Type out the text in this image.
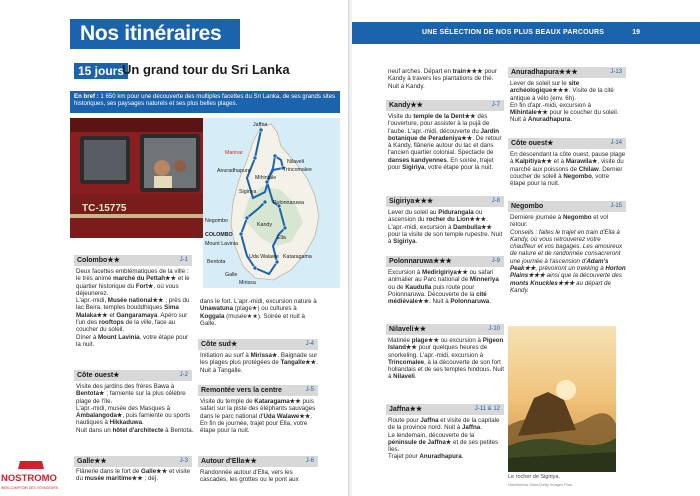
Nos itinéraires
15 jours
Un grand tour du Sri Lanka
En bref : 1 650 km pour une découverte des multiples facettes du Sri Lanka, de ses grands sites historiques, ses paysages naturels et ses plus belles plages.
TC-15775
Jaffna
Mannar
Anuradhapura
Nilaveli
Trincomalee
Mihintale
Sigiriya
Polonnaruwa
Negombo
Kandy
COLOMBO
Mount Lavinia
Ella
Bentota
Uda Walawe Kataragama
Galle
Mirissa
Colombo★★	J-1
Deux facettes emblématiques de la ville : le très animé marché du Pettah★★ et le quartier historique du Fort★, où vous déjeunerez.
L'apr.-midi, Musée national★★ ; près du lac Beira, temples bouddhiques Sima Malaka★★ et Gangaramaya. Apéro sur l'un des rooftops de la ville, face au coucher du soleil.
Dîner à Mount Lavinia, votre étape pour la nuit.
Côte ouest★	J-2
Visite des jardins des frères Bawa à Bentota★ ; farniente sur la plus célèbre plage de l'île.
L'apr.-midi, musée des Masques à Ambalangoda★, puis farniente ou sports nautiques à Hikkaduwa.
Nuit dans un hôtel d'architecte à Bentota.
Galle★★	J-3
Flânerie dans le fort de Galle★★ et visite du musée maritime★★ ; déj.
dans le fort. L'apr.-midi, excursion nature à Unawatuna (plage★) ou cultures à Koggala (musée★★). Soirée et nuit à Galle.
Côte sud★	J-4
Initiation au surf à Mirissa★. Baignade sur les plages plus protégées de Tangalle★★. Nuit à Tangalle.
Remontée vers la centre	J-5
Visite du temple de Kataragama★★ puis safari sur la piste des éléphants sauvages dans le parc national d'Uda Walawe★★. En fin de journée, trajet pour Ella, votre étape pour la nuit.
Autour d'Ella★★	J-6
Randonnée autour d'Ella, vers les cascades, les grottes ou le pont aux
NOSTROMO
WEB COMPTOIR DES VOYAGEURS
UNE SÉLECTION DE NOS PLUS BEAUX PARCOURS	19
neuf arches. Départ en train★★★ pour Kandy à travers les plantations de thé. Nuit à Kandy.
Kandy★★	J-7
Visite du temple de la Dent★★ dès l'ouverture, pour assister à la pujā de l'aube. L'apr.-midi, découverte du Jardin botanique de Peradeniya★★. De retour à Kandy, flânerie autour du lac et dans l'ancien quartier colonial. Spectacle de danses kandyennes. En soirée, trajet pour Sigiriya, votre étape pour la nuit.
Sigiriya★★★	J-8
Lever du soleil au Pidurangala ou ascension du rocher du Lion★★★. L'apr.-midi, excursion à Dambulla★★ pour la visite de son temple rupestre. Nuit à Sigiriya.
Polonnaruwa★★★	J-9
Excursion à Medirigiriya★★ ou safari animalier au Parc national de Minneriya ou de Kaudulla puis route pour Polonnaruwa. Découverte de la cité médiévale★★. Nuit à Polonnaruwa.
Nilaveli★★	J-10
Matinée plage★★ ou excursion à Pigeon Island★★ pour quelques heures de snorkeling. L'apr.-midi, excursion à Trincomalee, à la découverte de son fort hollandais et de ses temples hindous. Nuit à Nilaveli.
Jaffna★★	J-11 & 12
Route pour Jaffna et visite de la capitale de la province nord. Nuit à Jaffna.
Le lendemain, découverte de la péninsule de Jaffna★ et de ses petites îles.
Trajet pour Anuradhapura.
Anuradhapura★★★	J-13
Lever de soleil sur le site archéologique★★★. Visite de la cité antique à vélo (env. 6h).
En fin d'apr.-midi, excursion à Mihintale★★ pour le coucher du soleil. Nuit à Anuradhapura.
Côte ouest★	J-14
En descendant la côte ouest, pause plage à Kalpitiya★★ et à Marawila★, visite du marché aux poissons de Chilaw. Dernier coucher de soleil à Negombo, votre étape pour la nuit.
Negombo	J-15
Dernière journée à Negombo et vol retour.
Conseils : faites le trajet en train d'Ella à Kandy, où vous retrouverez votre chauffeur et vos bagages. Les amoureux de nature et de randonnée consacreront une journée à l'ascension d'Adam's Peak★★, prévoiront un trekking à Horton Plains★★★ ainsi que la découverte des monts Knuckles★★★ au départ de Kandy.
Le rocher de Sigiriya.
Nachiketha Giles/Getty Images Plus
